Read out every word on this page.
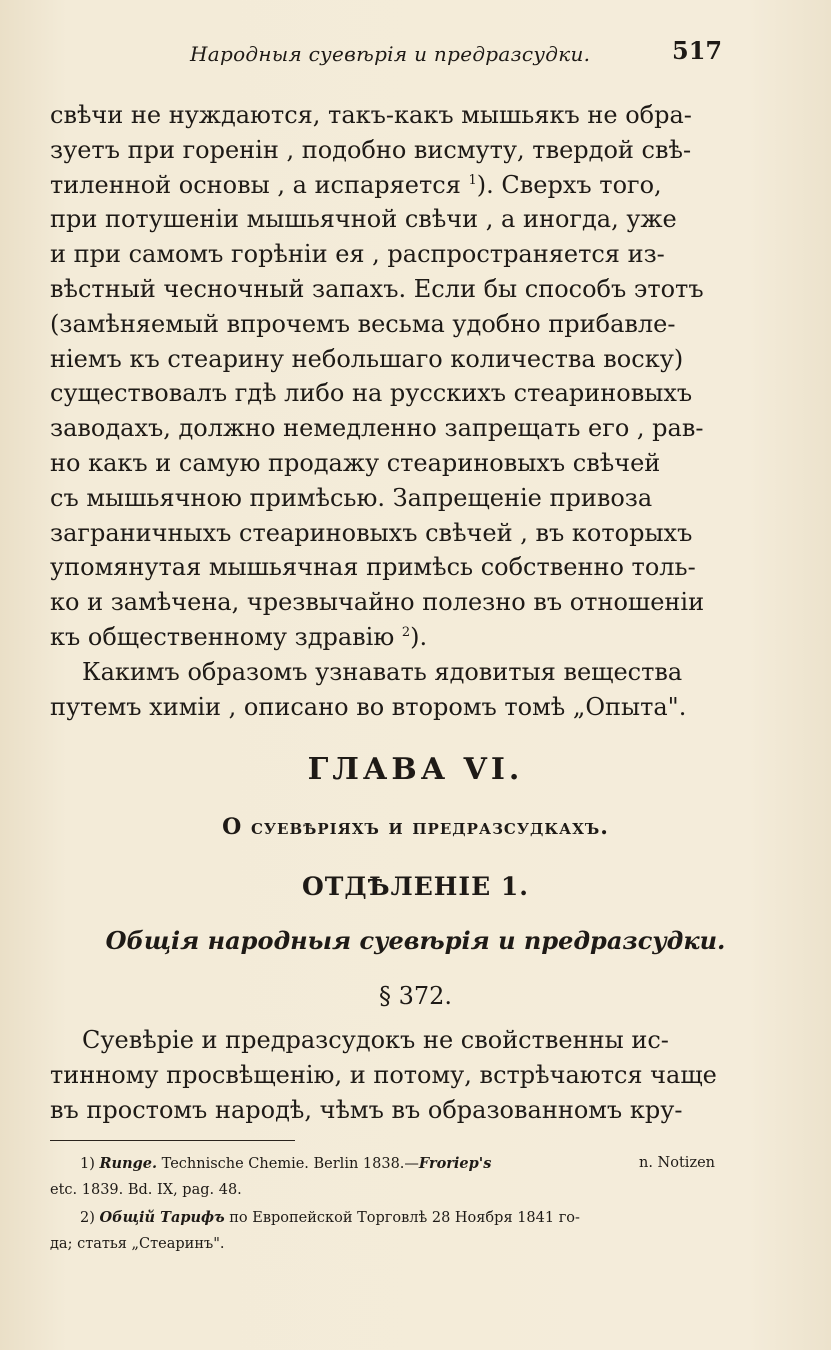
Народныя суевѣрія и предразсудки.	517
свѣчи не нуждаются, такъ-какъ мышьякъ не обра-
зуетъ при горенін , подобно висмуту, твердой свѣ-
тиленной основы , а испаряется $^1$). Сверхъ того,
при потушеніи мышьячной свѣчи , а иногда, уже
и при самомъ горѣніи ея , распространяется из-
вѣстный чесночный запахъ. Если бы способъ этотъ
(замѣняемый впрочемъ весьма удобно прибавле-
ніемъ къ стеарину небольшаго количества воску)
существовалъ гдѣ либо на русскихъ стеариновыхъ
заводахъ, должно немедленно запрещать его , рав-
но какъ и самую продажу стеариновыхъ свѣчей
съ мышьячною примѣсью. Запрещеніе привоза
заграничныхъ стеариновыхъ свѣчей , въ которыхъ
упомянутая мышьячная примѣсь собственно толь-
ко и замѣчена, чрезвычайно полезно въ отношеніи
къ общественному здравію $^2$).
Какимъ образомъ узнавать ядовитыя вещества
путемъ химіи , описано во второмъ томѣ „Опыта".
ГЛАВА VI.
О суевѣріяхъ и предразсудкахъ.
ОТДѢЛЕНІЕ 1.
Общія народныя суевѣрія и предразсудки.
§ 372.
Суевѣріе и предразсудокъ не свойственны ис-
тинному просвѣщенію, и потому, встрѣчаются чаще
въ простомъ народѣ, чѣмъ въ образованномъ кру-
1) Runge. Technische Chemie. Berlin 1838.—Froriep's	n. Notizen
etc. 1839. Bd. IX, pag. 48.
2) Общій Тарифъ по Европейской Торговлѣ 28 Ноября 1841 го-
да; статья „Стеаринъ".
